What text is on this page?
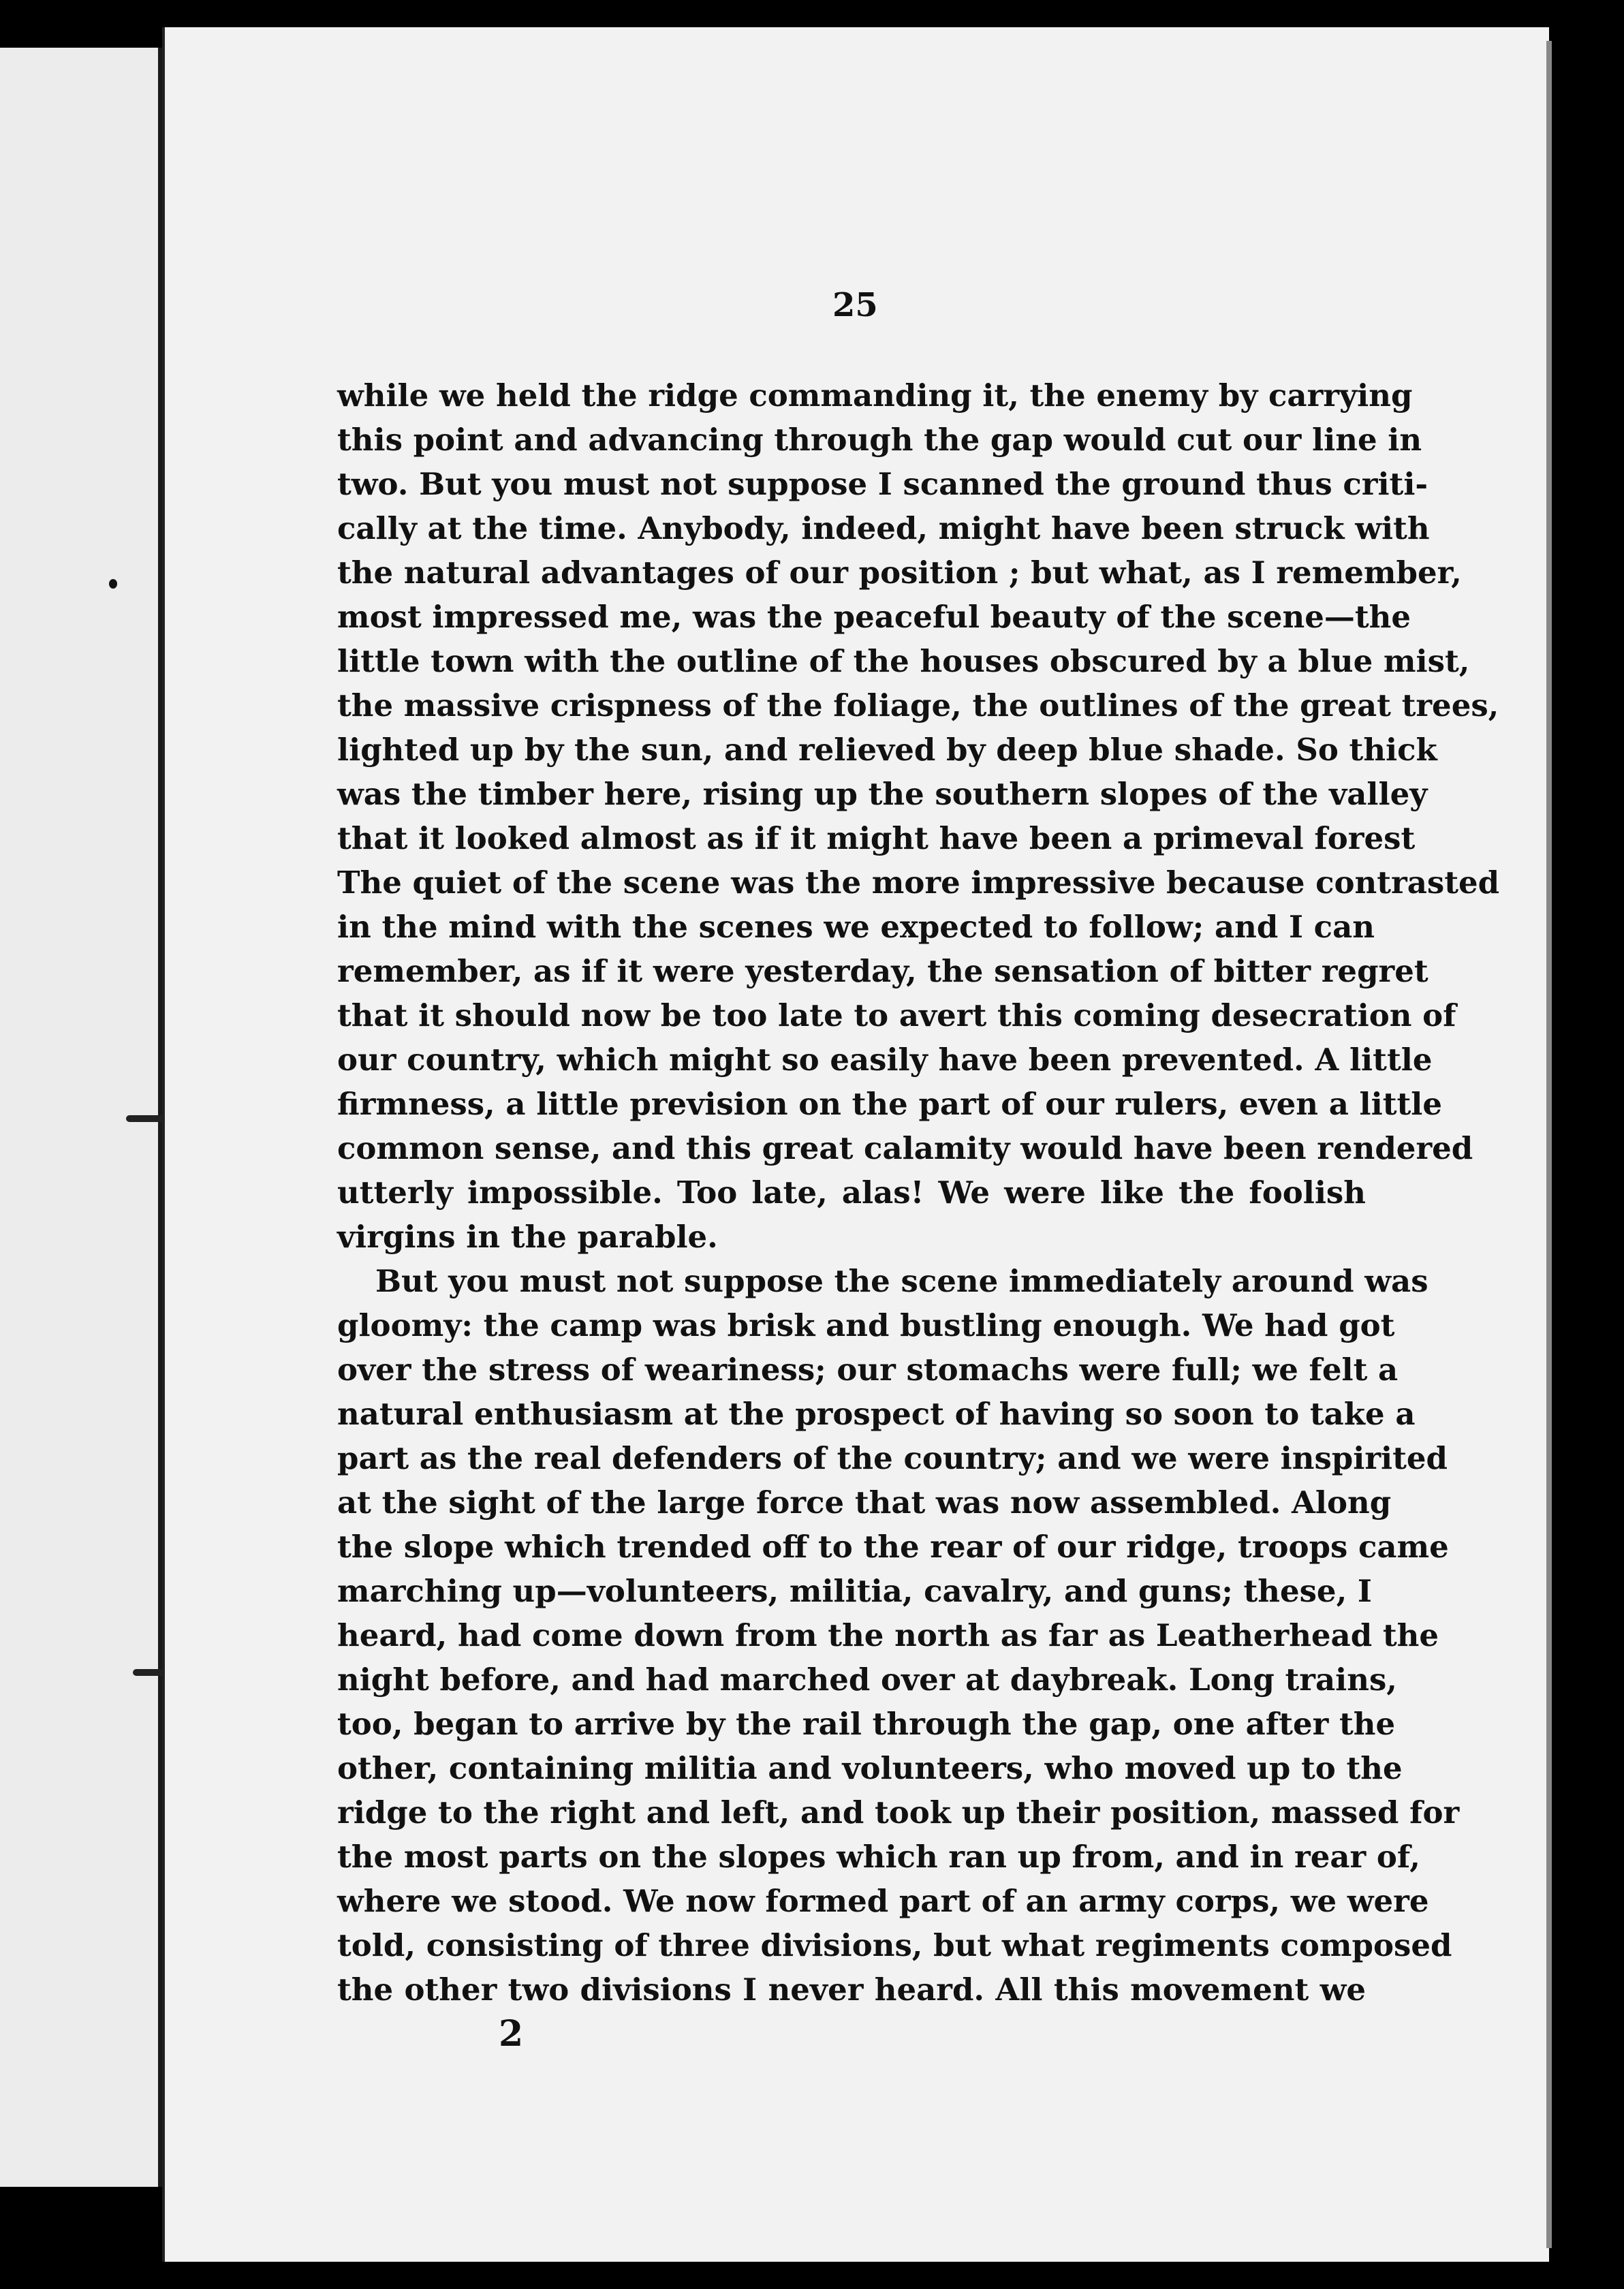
25
while we held the ridge commanding it, the enemy by carrying
this point and advancing through the gap would cut our line in
two. But you must not suppose I scanned the ground thus criti-
cally at the time. Anybody, indeed, might have been struck with
the natural advantages of our position ; but what, as I remember,
most impressed me, was the peaceful beauty of the scene—the
little town with the outline of the houses obscured by a blue mist,
the massive crispness of the foliage, the outlines of the great trees,
lighted up by the sun, and relieved by deep blue shade. So thick
was the timber here, rising up the southern slopes of the valley
that it looked almost as if it might have been a primeval forest
The quiet of the scene was the more impressive because contrasted
in the mind with the scenes we expected to follow; and I can
remember, as if it were yesterday, the sensation of bitter regret
that it should now be too late to avert this coming desecration of
our country, which might so easily have been prevented. A little
firmness, a little prevision on the part of our rulers, even a little
common sense, and this great calamity would have been rendered
utterly impossible. Too late, alas! We were like the foolish
virgins in the parable.
But you must not suppose the scene immediately around was
gloomy: the camp was brisk and bustling enough. We had got
over the stress of weariness; our stomachs were full; we felt a
natural enthusiasm at the prospect of having so soon to take a
part as the real defenders of the country; and we were inspirited
at the sight of the large force that was now assembled. Along
the slope which trended off to the rear of our ridge, troops came
marching up—volunteers, militia, cavalry, and guns; these, I
heard, had come down from the north as far as Leatherhead the
night before, and had marched over at daybreak. Long trains,
too, began to arrive by the rail through the gap, one after the
other, containing militia and volunteers, who moved up to the
ridge to the right and left, and took up their position, massed for
the most parts on the slopes which ran up from, and in rear of,
where we stood. We now formed part of an army corps, we were
told, consisting of three divisions, but what regiments composed
the other two divisions I never heard. All this movement we
2
